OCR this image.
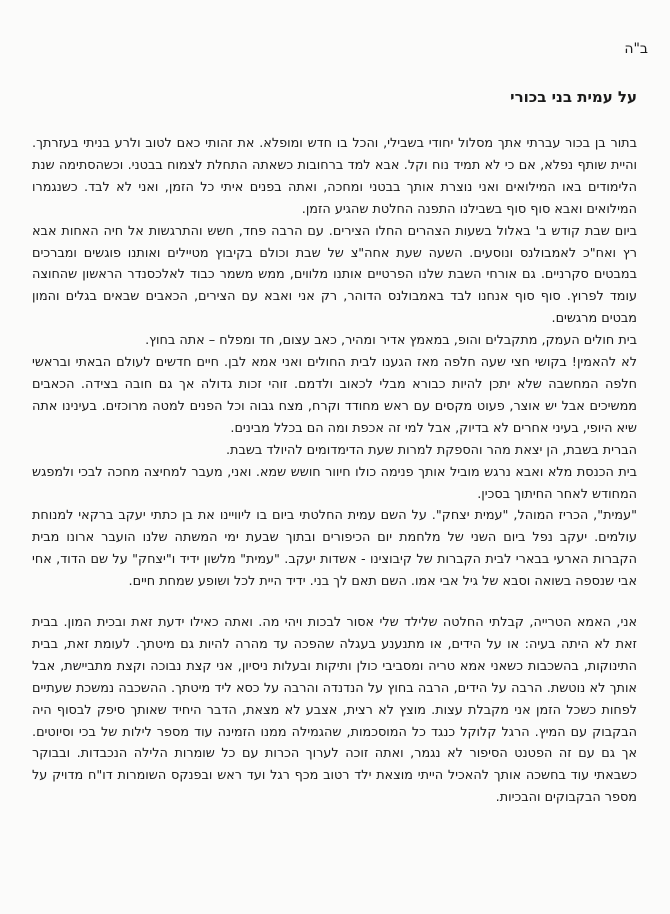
ב"ה
על עמית בני בכורי

בתור בן בכור עברתי אתך מסלול יחודי בשבילי, והכל בו חדש ומופלא. את זהותי כאם לטוב ולרע בניתי בעזרתך. והיית שותף נפלא, אם כי לא תמיד נוח וקל. אבא למד ברחובות כשאתה התחלת לצמוח בבטני. וכשהסתימה שנת הלימודים באו המילואים ואני נוצרת אותך בבטני ומחכה, ואתה בפנים איתי כל הזמן, ואני לא לבד. כשנגמרו המילואים ואבא סוף סוף בשבילנו התפנה החלטת שהגיע הזמן.

ביום שבת קודש ב' באלול בשעות הצהרים החלו הצירים. עם הרבה פחד, חשש והתרגשות אל חיה האחות אבא רץ ואח"כ לאמבולנס ונוסעים. השעה שעת אחה"צ של שבת וכולם בקיבוץ מטיילים ואותנו פוגשים ומברכים במבטים סקרניים. גם אורחי השבת שלנו הפרטיים אותנו מלווים, ממש משמר כבוד לאלכסנדר הראשון שהחוצה עומד לפרוץ. סוף סוף אנחנו לבד באמבולנס הדוהר, רק אני ואבא עם הצירים, הכאבים שבאים בגלים והמון מבטים מרגשים.

בית חולים העמק, מתקבלים והופ, במאמץ אדיר ומהיר, כאב עצום, חד ומפלח – אתה בחוץ.

לא להאמין! בקושי חצי שעה חלפה מאז הגענו לבית החולים ואני אמא לבן. חיים חדשים לעולם הבאתי ובראשי חלפה המחשבה שלא יתכן להיות כבורא מבלי לכאוב ולדמם. זוהי זכות גדולה אך גם חובה בצידה. הכאבים ממשיכים אבל יש אוצר, פעוט מקסים עם ראש מחודד וקרח, מצח גבוה וכל הפנים למטה מרוכזים. בעינינו אתה שיא היופי, בעיני אחרים לא בדיוק, אבל למי זה אכפת ומה הם בכלל מבינים.

הברית בשבת, הן יצאת מהר והספקת למרות שעת הדימדומים להיולד בשבת.

בית הכנסת מלא ואבא נרגש מוביל אותך פנימה כולו חיוור חושש שמא. ואני, מעבר למחיצה מחכה לבכי ולמפגש המחודש לאחר החיתוך בסכין.

"עמית", הכריז המוהל, "עמית יצחק". על השם עמית החלטתי ביום בו ליוויינו את בן כתתי יעקב ברקאי למנוחת עולמים. יעקב נפל ביום השני של מלחמת יום הכיפורים ובתוך שבעת ימי המשתה שלנו הועבר ארונו מבית הקברות הארעי בבארי לבית הקברות של קיבוצינו - אשדות יעקב. "עמית" מלשון ידיד ו"יצחק" על שם הדוד, אחי אבי שנספה בשואה וסבא של גיל אבי אמו. השם תאם לך בני. ידיד היית לכל ושופע שמחת חיים.

אני, האמא הטרייה, קבלתי החלטה שלילד שלי אסור לבכות ויהי מה. ואתה כאילו ידעת זאת ובכית המון. בבית זאת לא היתה בעיה: או על הידים, או מתנענע בעגלה שהפכה עד מהרה להיות גם מיטתך. לעומת זאת, בבית התינוקות, בהשכבות כשאני אמא טריה ומסביבי כולן ותיקות ובעלות ניסיון, אני קצת נבוכה וקצת מתביישת, אבל אותך לא נוטשת. הרבה על הידים, הרבה בחוץ על הנדנדה והרבה על כסא ליד מיטתך. ההשכבה נמשכת שעתיים לפחות כשכל הזמן אני מקבלת עצות. מוצץ לא רצית, אצבע לא מצאת, הדבר היחיד שאותך סיפק לבסוף היה הבקבוק עם המיץ. הרגל קלוקל כנגד כל המוסכמות, שהגמילה ממנו הזמינה עוד מספר לילות של בכי וסיוטים. אך גם עם זה הפטנט הסיפור לא נגמר, ואתה זוכה לערוך הכרות עם כל שומרות הלילה הנכבדות. ובבוקר כשבאתי עוד בחשכה אותך להאכיל הייתי מוצאת ילד רטוב מכף רגל ועד ראש ובפנקס השומרות דו"ח מדויק על מספר הבקבוקים והבכיות.
